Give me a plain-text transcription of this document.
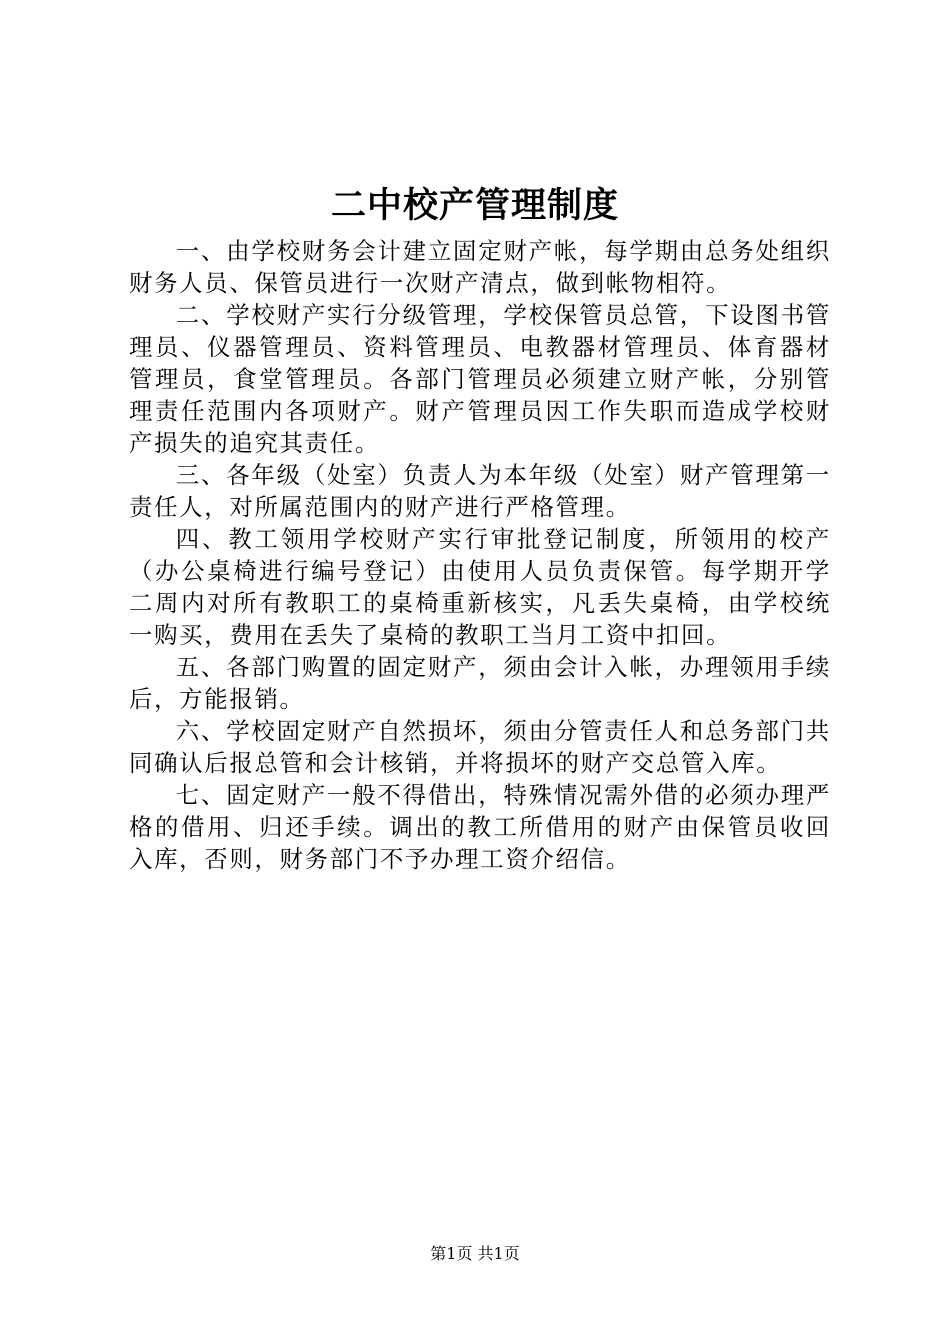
二中校产管理制度

一、由学校财务会计建立固定财产帐，每学期由总务处组织财务人员、保管员进行一次财产清点，做到帐物相符。

二、学校财产实行分级管理，学校保管员总管，下设图书管理员、仪器管理员、资料管理员、电教器材管理员、体育器材管理员，食堂管理员。各部门管理员必须建立财产帐，分别管理责任范围内各项财产。财产管理员因工作失职而造成学校财产损失的追究其责任。

三、各年级（处室）负责人为本年级（处室）财产管理第一责任人，对所属范围内的财产进行严格管理。

四、教工领用学校财产实行审批登记制度，所领用的校产（办公桌椅进行编号登记）由使用人员负责保管。每学期开学二周内对所有教职工的桌椅重新核实，凡丢失桌椅，由学校统一购买，费用在丢失了桌椅的教职工当月工资中扣回。

五、各部门购置的固定财产，须由会计入帐，办理领用手续后，方能报销。

六、学校固定财产自然损坏，须由分管责任人和总务部门共同确认后报总管和会计核销，并将损坏的财产交总管入库。

七、固定财产一般不得借出，特殊情况需外借的必须办理严格的借用、归还手续。调出的教工所借用的财产由保管员收回入库，否则，财务部门不予办理工资介绍信。

第1页 共1页
